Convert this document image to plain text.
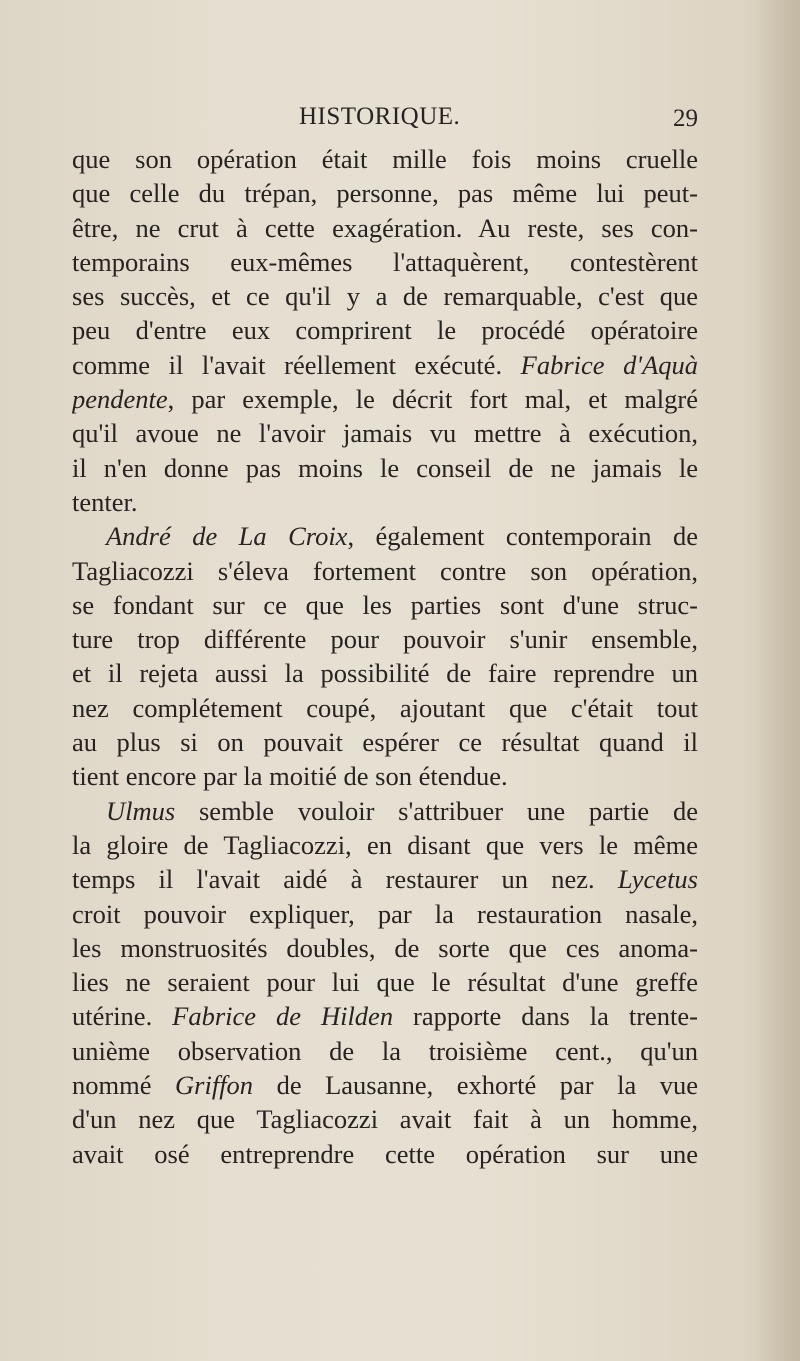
HISTORIQUE.	29
que son opération était mille fois moins cruelle
que celle du trépan, personne, pas même lui peut-
être, ne crut à cette exagération. Au reste, ses con-
temporains eux-mêmes l'attaquèrent, contestèrent
ses succès, et ce qu'il y a de remarquable, c'est que
peu d'entre eux comprirent le procédé opératoire
comme il l'avait réellement exécuté. Fabrice d'Aquà
pendente, par exemple, le décrit fort mal, et malgré
qu'il avoue ne l'avoir jamais vu mettre à exécution,
il n'en donne pas moins le conseil de ne jamais le
tenter.
André de La Croix, également contemporain de
Tagliacozzi s'éleva fortement contre son opération,
se fondant sur ce que les parties sont d'une struc-
ture trop différente pour pouvoir s'unir ensemble,
et il rejeta aussi la possibilité de faire reprendre un
nez complétement coupé, ajoutant que c'était tout
au plus si on pouvait espérer ce résultat quand il
tient encore par la moitié de son étendue.
Ulmus semble vouloir s'attribuer une partie de
la gloire de Tagliacozzi, en disant que vers le même
temps il l'avait aidé à restaurer un nez. Lycetus
croit pouvoir expliquer, par la restauration nasale,
les monstruosités doubles, de sorte que ces anoma-
lies ne seraient pour lui que le résultat d'une greffe
utérine. Fabrice de Hilden rapporte dans la trente-
unième observation de la troisième cent., qu'un
nommé Griffon de Lausanne, exhorté par la vue
d'un nez que Tagliacozzi avait fait à un homme,
avait osé entreprendre cette opération sur une
